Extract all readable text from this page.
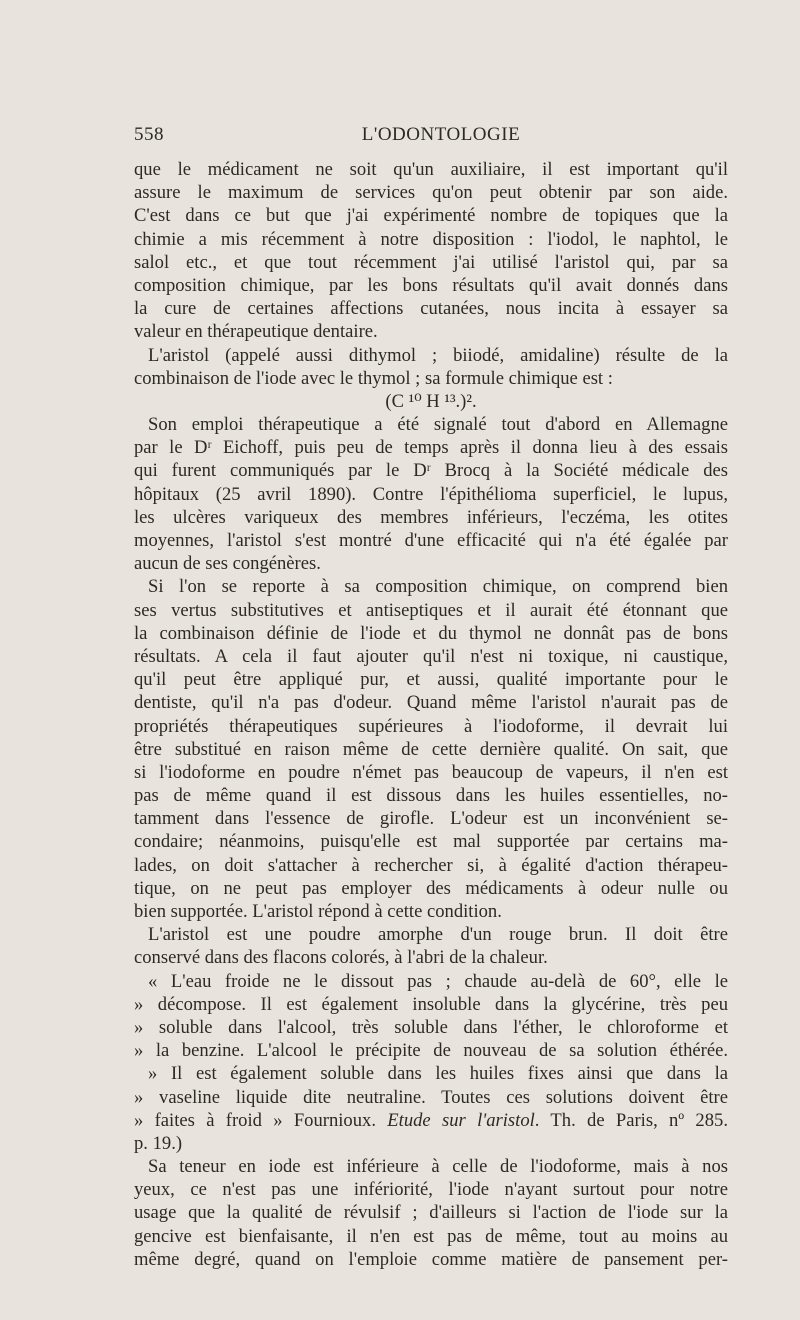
558	L'ODONTOLOGIE
que le médicament ne soit qu'un auxiliaire, il est important qu'il
assure le maximum de services qu'on peut obtenir par son aide.
C'est dans ce but que j'ai expérimenté nombre de topiques que la
chimie a mis récemment à notre disposition : l'iodol, le naphtol, le
salol etc., et que tout récemment j'ai utilisé l'aristol qui, par sa
composition chimique, par les bons résultats qu'il avait donnés dans
la cure de certaines affections cutanées, nous incita à essayer sa
valeur en thérapeutique dentaire.
L'aristol (appelé aussi dithymol ; biiodé, amidaline) résulte de la
combinaison de l'iode avec le thymol ; sa formule chimique est :
(C ¹⁰ H ¹³.)².
Son emploi thérapeutique a été signalé tout d'abord en Allemagne
par le Dʳ Eichoff, puis peu de temps après il donna lieu à des essais
qui furent communiqués par le Dʳ Brocq à la Société médicale des
hôpitaux (25 avril 1890). Contre l'épithélioma superficiel, le lupus,
les ulcères variqueux des membres inférieurs, l'eczéma, les otites
moyennes, l'aristol s'est montré d'une efficacité qui n'a été égalée par
aucun de ses congénères.
Si l'on se reporte à sa composition chimique, on comprend bien
ses vertus substitutives et antiseptiques et il aurait été étonnant que
la combinaison définie de l'iode et du thymol ne donnât pas de bons
résultats. A cela il faut ajouter qu'il n'est ni toxique, ni caustique,
qu'il peut être appliqué pur, et aussi, qualité importante pour le
dentiste, qu'il n'a pas d'odeur. Quand même l'aristol n'aurait pas de
propriétés thérapeutiques supérieures à l'iodoforme, il devrait lui
être substitué en raison même de cette dernière qualité. On sait, que
si l'iodoforme en poudre n'émet pas beaucoup de vapeurs, il n'en est
pas de même quand il est dissous dans les huiles essentielles, no-
tamment dans l'essence de girofle. L'odeur est un inconvénient se-
condaire; néanmoins, puisqu'elle est mal supportée par certains ma-
lades, on doit s'attacher à rechercher si, à égalité d'action thérapeu-
tique, on ne peut pas employer des médicaments à odeur nulle ou
bien supportée. L'aristol répond à cette condition.
L'aristol est une poudre amorphe d'un rouge brun. Il doit être
conservé dans des flacons colorés, à l'abri de la chaleur.
« L'eau froide ne le dissout pas ; chaude au-delà de 60°, elle le
» décompose. Il est également insoluble dans la glycérine, très peu
» soluble dans l'alcool, très soluble dans l'éther, le chloroforme et
» la benzine. L'alcool le précipite de nouveau de sa solution éthérée.
» Il est également soluble dans les huiles fixes ainsi que dans la
» vaseline liquide dite neutraline. Toutes ces solutions doivent être
» faites à froid » Fournioux. Etude sur l'aristol. Th. de Paris, nº 285.
p. 19.)
Sa teneur en iode est inférieure à celle de l'iodoforme, mais à nos
yeux, ce n'est pas une infériorité, l'iode n'ayant surtout pour notre
usage que la qualité de révulsif ; d'ailleurs si l'action de l'iode sur la
gencive est bienfaisante, il n'en est pas de même, tout au moins au
même degré, quand on l'emploie comme matière de pansement per-
